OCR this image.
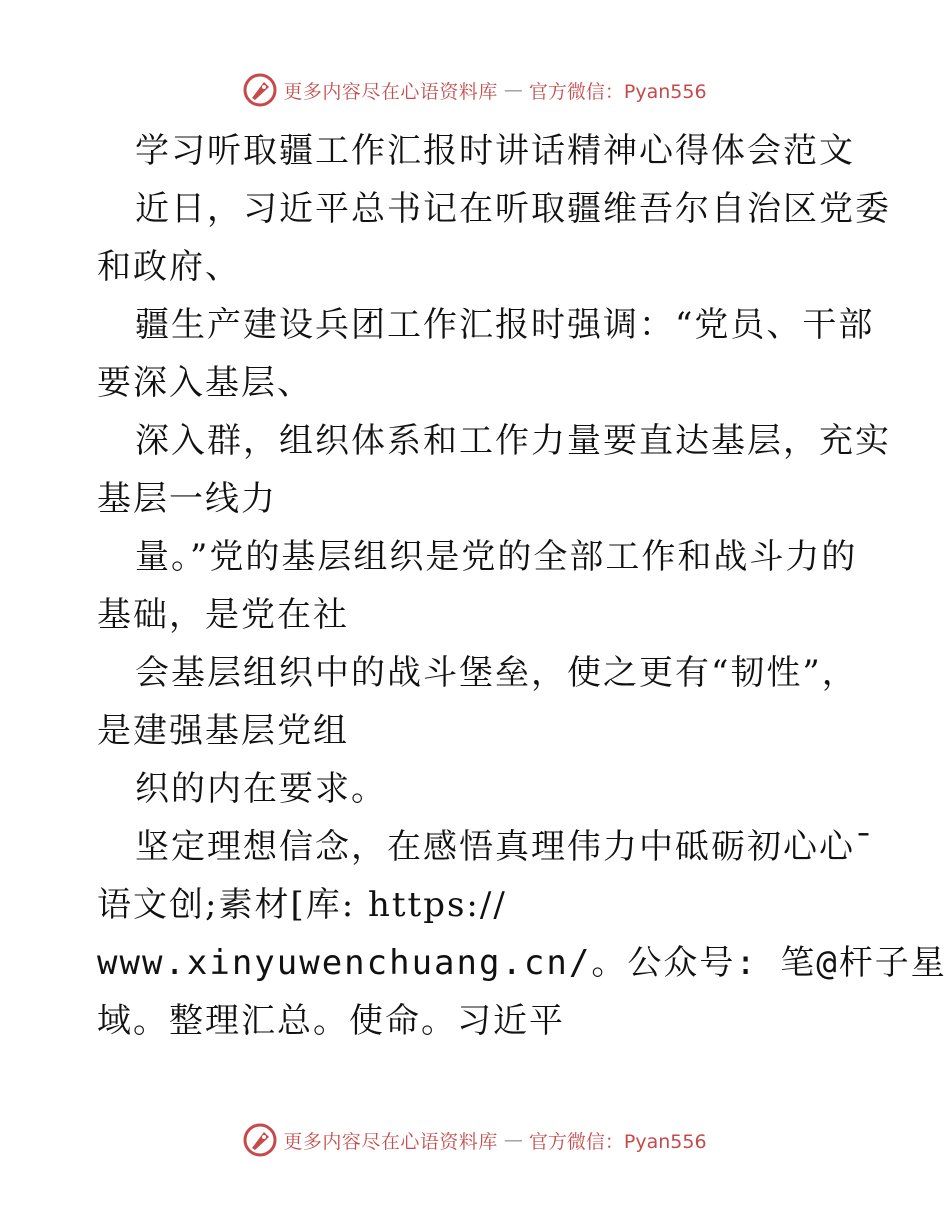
更多内容尽在心语资料库 — 官方微信：Pyan556
学习听取疆工作汇报时讲话精神心得体会范文
近日，习近平总书记在听取疆维吾尔自治区党委
和政府、
疆生产建设兵团工作汇报时强调：“党员、干部
要深入基层、
深入群，组织体系和工作力量要直达基层，充实
基层一线力
量。”党的基层组织是党的全部工作和战斗力的
基础，是党在社
会基层组织中的战斗堡垒，使之更有“韧性”，
是建强基层党组
织的内在要求。
坚定理想信念，在感悟真理伟力中砥砺初心心¯
语文创;素材[库: https://
www.xinyuwenchuang.cn/。公众号: 笔@杆子星
域。整理汇总。使命。习近平
更多内容尽在心语资料库 — 官方微信：Pyan556
